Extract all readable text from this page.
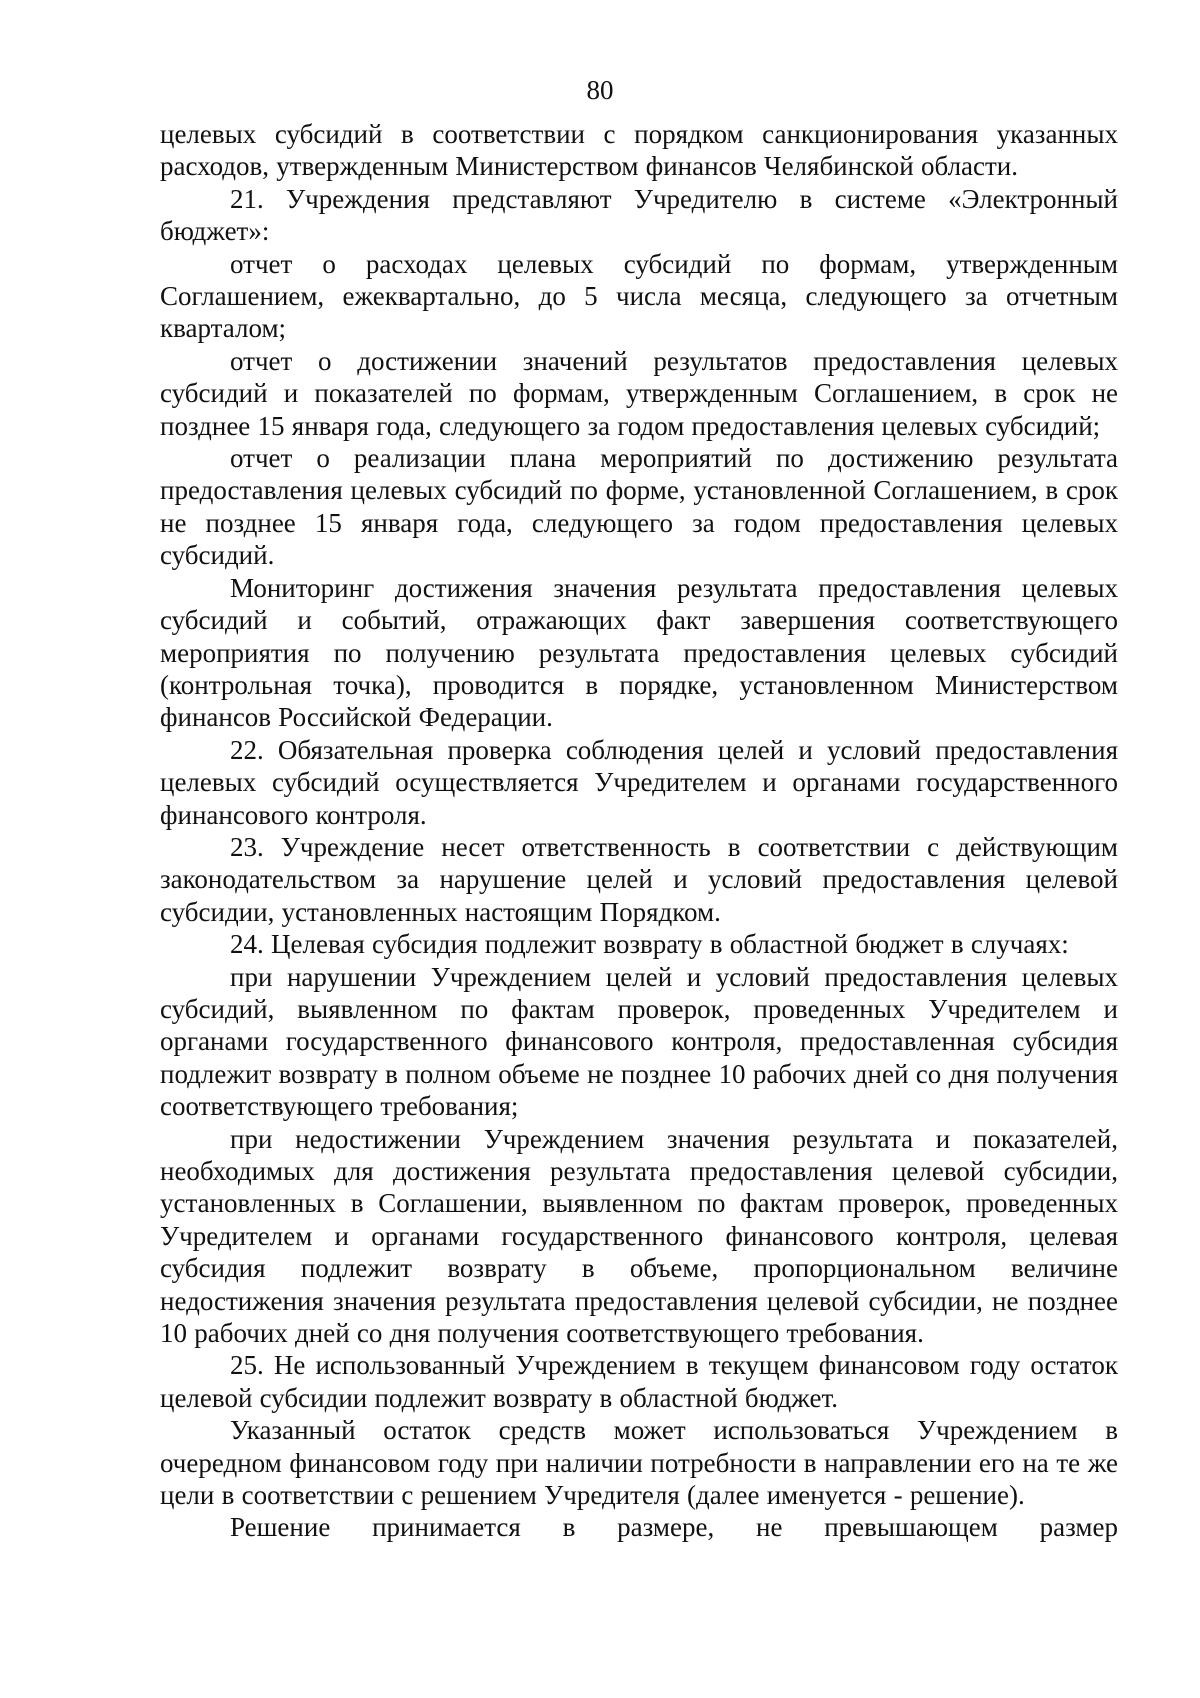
80

целевых субсидий в соответствии с порядком санкционирования указанных расходов, утвержденным Министерством финансов Челябинской области.

21. Учреждения представляют Учредителю в системе «Электронный бюджет»:

отчет о расходах целевых субсидий по формам, утвержденным Соглашением, ежеквартально, до 5 числа месяца, следующего за отчетным кварталом;

отчет о достижении значений результатов предоставления целевых субсидий и показателей по формам, утвержденным Соглашением, в срок не позднее 15 января года, следующего за годом предоставления целевых субсидий;

отчет о реализации плана мероприятий по достижению результата предоставления целевых субсидий по форме, установленной Соглашением, в срок не позднее 15 января года, следующего за годом предоставления целевых субсидий.

Мониторинг достижения значения результата предоставления целевых субсидий и событий, отражающих факт завершения соответствующего мероприятия по получению результата предоставления целевых субсидий (контрольная точка), проводится в порядке, установленном Министерством финансов Российской Федерации.

22. Обязательная проверка соблюдения целей и условий предоставления целевых субсидий осуществляется Учредителем и органами государственного финансового контроля.

23. Учреждение несет ответственность в соответствии с действующим законодательством за нарушение целей и условий предоставления целевой субсидии, установленных настоящим Порядком.

24. Целевая субсидия подлежит возврату в областной бюджет в случаях:

при нарушении Учреждением целей и условий предоставления целевых субсидий, выявленном по фактам проверок, проведенных Учредителем и органами государственного финансового контроля, предоставленная субсидия подлежит возврату в полном объеме не позднее 10 рабочих дней со дня получения соответствующего требования;

при недостижении Учреждением значения результата и показателей, необходимых для достижения результата предоставления целевой субсидии, установленных в Соглашении, выявленном по фактам проверок, проведенных Учредителем и органами государственного финансового контроля, целевая субсидия подлежит возврату в объеме, пропорциональном величине недостижения значения результата предоставления целевой субсидии, не позднее 10 рабочих дней со дня получения соответствующего требования.

25. Не использованный Учреждением в текущем финансовом году остаток целевой субсидии подлежит возврату в областной бюджет.

Указанный остаток средств может использоваться Учреждением в очередном финансовом году при наличии потребности в направлении его на те же цели в соответствии с решением Учредителя (далее именуется - решение).

Решение принимается в размере, не превышающем размер
